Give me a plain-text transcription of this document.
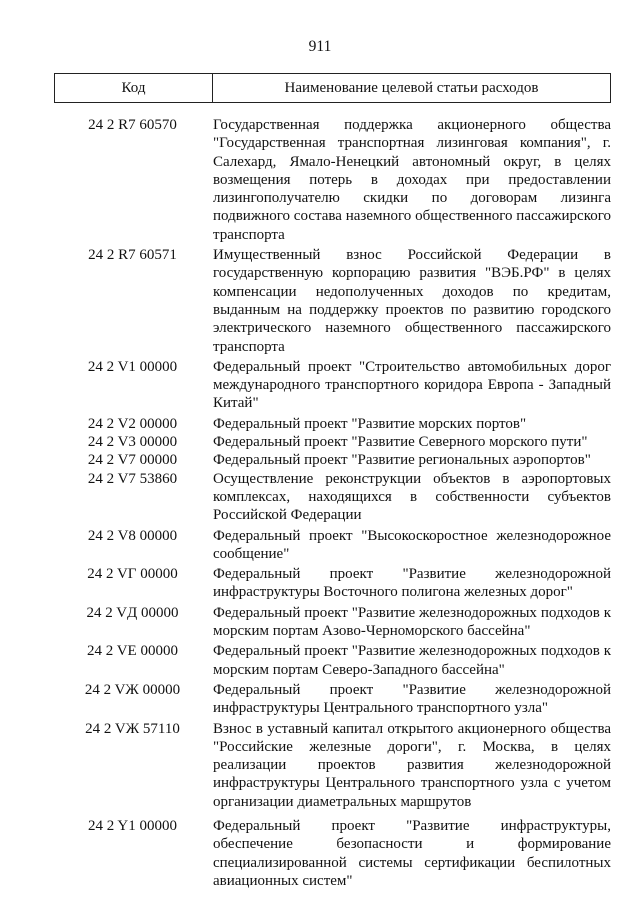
911
Код	Наименование целевой статьи расходов
24 2 R7 60570	Государственная поддержка акционерного общества "Государственная транспортная лизинговая компания", г. Салехард, Ямало-Ненецкий автономный округ, в целях возмещения потерь в доходах при предоставлении лизингополучателю скидки по договорам лизинга подвижного состава наземного общественного пассажирского транспорта
24 2 R7 60571	Имущественный взнос Российской Федерации в государственную корпорацию развития "ВЭБ.РФ" в целях компенсации недополученных доходов по кредитам, выданным на поддержку проектов по развитию городского электрического наземного общественного пассажирского транспорта
24 2 V1 00000	Федеральный проект "Строительство автомобильных дорог международного транспортного коридора Европа - Западный Китай"
24 2 V2 00000	Федеральный проект "Развитие морских портов"
24 2 V3 00000	Федеральный проект "Развитие Северного морского пути"
24 2 V7 00000	Федеральный проект "Развитие региональных аэропортов"
24 2 V7 53860	Осуществление реконструкции объектов в аэропортовых комплексах, находящихся в собственности субъектов Российской Федерации
24 2 V8 00000	Федеральный проект "Высокоскоростное железнодорожное сообщение"
24 2 VГ 00000	Федеральный проект "Развитие железнодорожной инфраструктуры Восточного полигона железных дорог"
24 2 VД 00000	Федеральный проект "Развитие железнодорожных подходов к морским портам Азово-Черноморского бассейна"
24 2 VE 00000	Федеральный проект "Развитие железнодорожных подходов к морским портам Северо-Западного бассейна"
24 2 VЖ 00000	Федеральный проект "Развитие железнодорожной инфраструктуры Центрального транспортного узла"
24 2 VЖ 57110	Взнос в уставный капитал открытого акционерного общества "Российские железные дороги", г. Москва, в целях реализации проектов развития железнодорожной инфраструктуры Центрального транспортного узла с учетом организации диаметральных маршрутов
24 2 Y1 00000	Федеральный проект "Развитие инфраструктуры, обеспечение безопасности и формирование специализированной системы сертификации беспилотных авиационных систем"
